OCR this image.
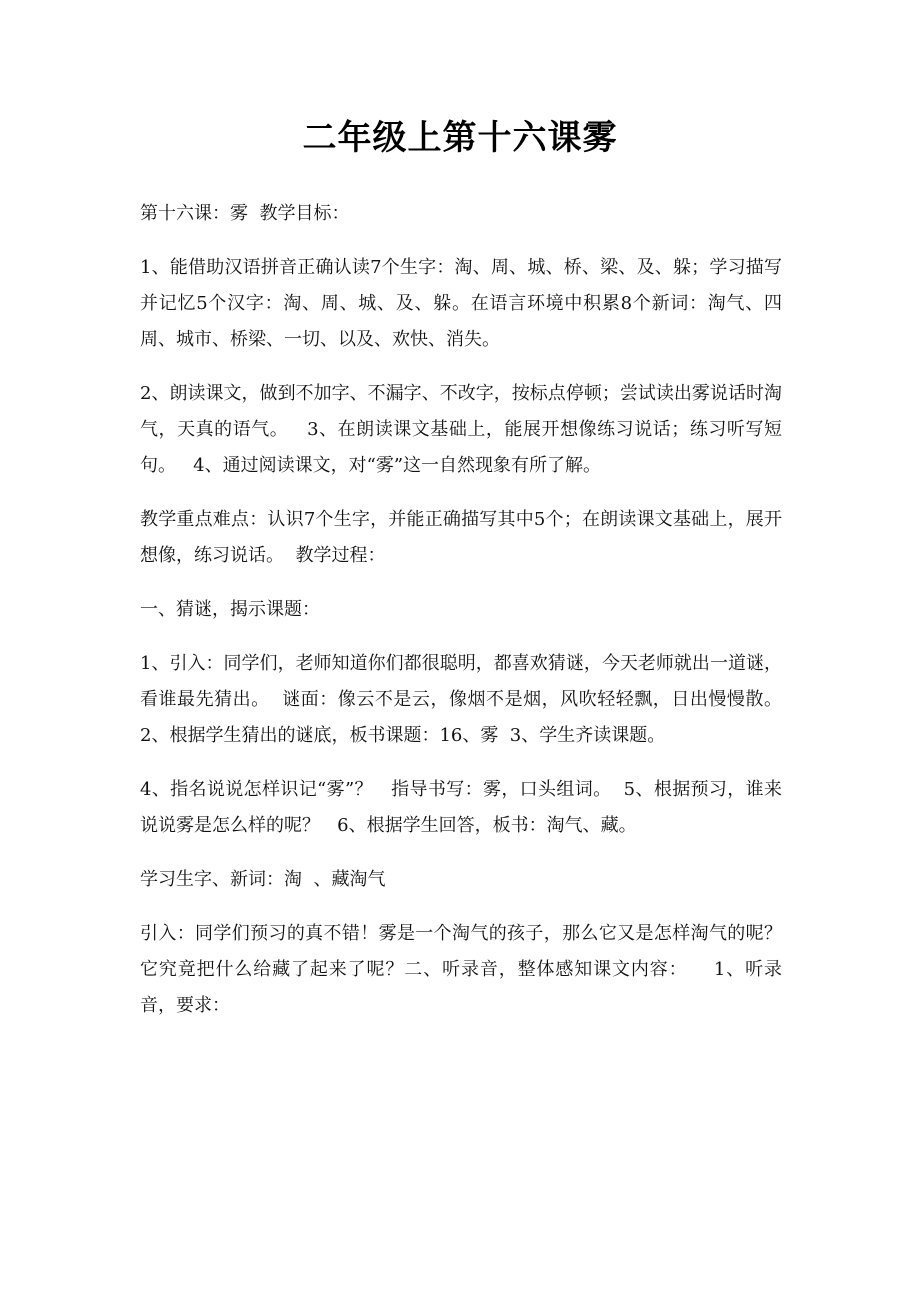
二年级上第十六课雾

第十六课：雾  教学目标：

1、能借助汉语拼音正确认读7个生字：淘、周、城、桥、梁、及、躲；学习描写并记忆5个汉字：淘、周、城、及、躲。在语言环境中积累8个新词：淘气、四周、城市、桥梁、一切、以及、欢快、消失。

2、朗读课文，做到不加字、不漏字、不改字，按标点停顿；尝试读出雾说话时淘气，天真的语气。   3、在朗读课文基础上，能展开想像练习说话；练习听写短句。   4、通过阅读课文，对“雾”这一自然现象有所了解。

教学重点难点：认识7个生字，并能正确描写其中5个；在朗读课文基础上，展开想像，练习说话。  教学过程：

一、猜谜，揭示课题：

1、引入：同学们，老师知道你们都很聪明，都喜欢猜谜，今天老师就出一道谜，看谁最先猜出。  谜面：像云不是云，像烟不是烟，风吹轻轻飘，日出慢慢散。  2、根据学生猜出的谜底，板书课题：16、雾  3、学生齐读课题。

4、指名说说怎样识记“雾”？   指导书写：雾，口头组词。  5、根据预习，谁来说说雾是怎么样的呢？   6、根据学生回答，板书：淘气、藏。

学习生字、新词：淘  、藏淘气

引入：同学们预习的真不错！雾是一个淘气的孩子，那么它又是怎样淘气的呢？它究竟把什么给藏了起来了呢？二、听录音，整体感知课文内容：    1、听录音，要求：
